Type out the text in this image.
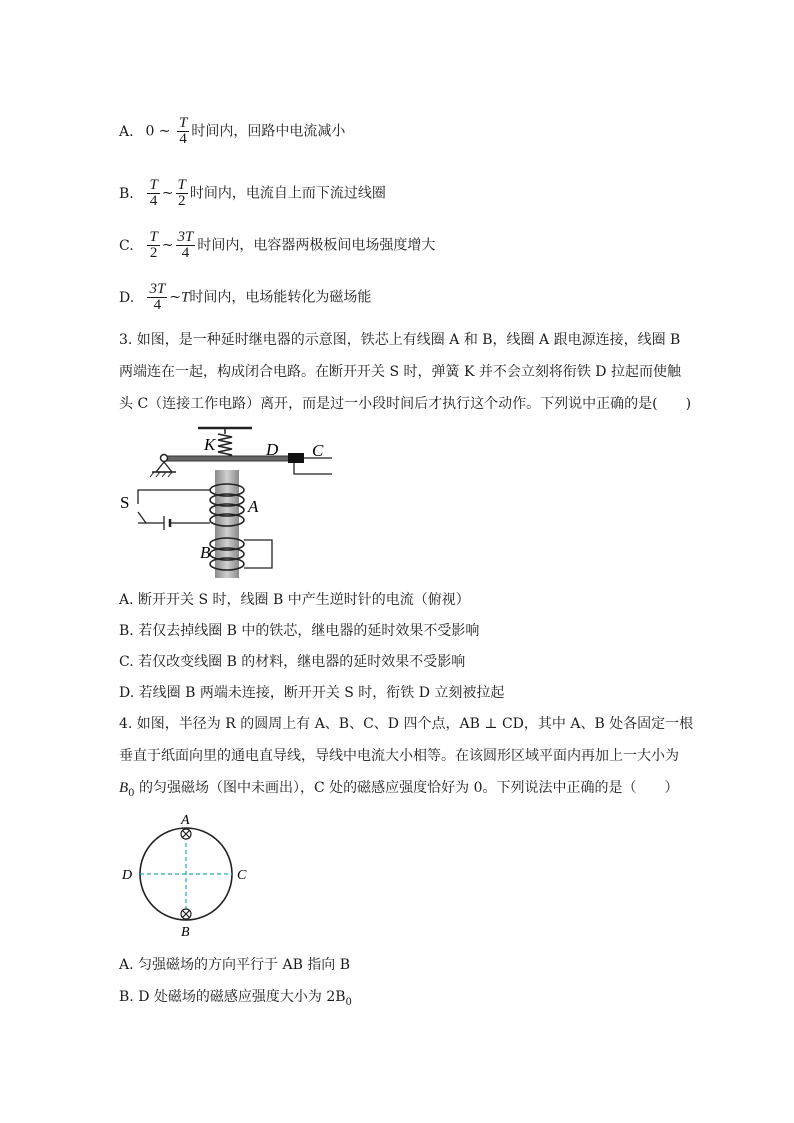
A. 0 ~ $\frac{T}{4}$ 时间内，回路中电流减小
B. $\frac{T}{4}$ ~ $\frac{T}{2}$ 时间内，电流自上而下流过线圈
C. $\frac{T}{2}$ ~ $\frac{3T}{4}$ 时间内，电容器两极板间电场强度增大
D. $\frac{3T}{4}$ ~T时间内，电场能转化为磁场能
3. 如图，是一种延时继电器的示意图，铁芯上有线圈 A 和 B，线圈 A 跟电源连接，线圈 B
两端连在一起，构成闭合电路。在断开开关 S 时，弹簧 K 并不会立刻将衔铁 D 拉起而使触
头 C（连接工作电路）离开，而是过一小段时间后才执行这个动作。下列说中正确的是(　　)
K	D C
S	A
B
A. 断开开关 S 时，线圈 B 中产生逆时针的电流（俯视）
B. 若仅去掉线圈 B 中的铁芯，继电器的延时效果不受影响
C. 若仅改变线圈 B 的材料，继电器的延时效果不受影响
D. 若线圈 B 两端未连接，断开开关 S 时，衔铁 D 立刻被拉起
4. 如图，半径为 R 的圆周上有 A、B、C、D 四个点，AB ⊥ CD，其中 A、B 处各固定一根
垂直于纸面向里的通电直导线，导线中电流大小相等。在该圆形区域平面内再加上一大小为
$B_0$ 的匀强磁场（图中未画出），C 处的磁感应强度恰好为 0。下列说法中正确的是（　　）
A
B
C
D
A. 匀强磁场的方向平行于 AB 指向 B
B. D 处磁场的磁感应强度大小为 $2B_0$
